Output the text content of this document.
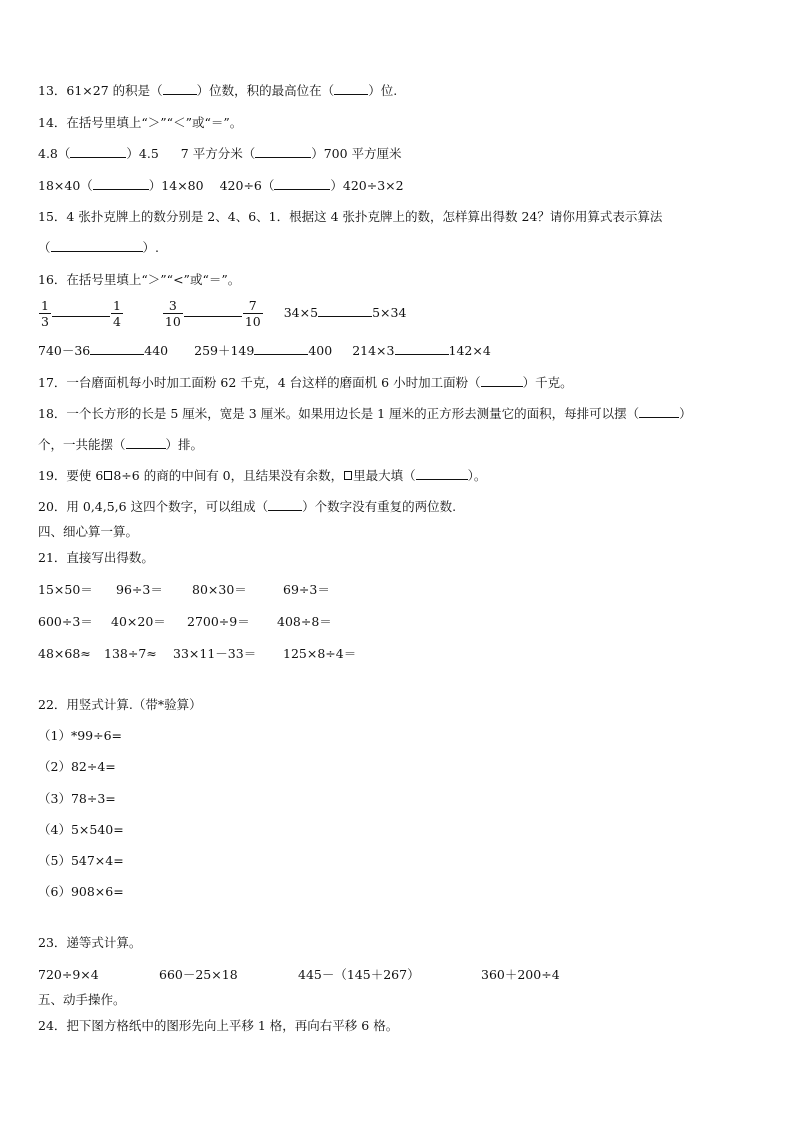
13．61×27 的积是（	）位数，积的最高位在（	）位.
14．在括号里填上“＞”“＜”或“＝”。
4.8（	）4.5 7 平方分米（	）700 平方厘米
18×40（	）14×80 420÷6（	）420÷3×2
15．4 张扑克牌上的数分别是 2、4、6、1．根据这 4 张扑克牌上的数，怎样算出得数 24？请你用算式表示算法
（	）.
16．在括号里填上“＞”“<”或“＝”。
$\frac{1}{3}$	$\frac{1}{4}$	$\frac{3}{10}$	$\frac{7}{10} 34\times 5$	5×34
740－36	440 259＋149	400 214×3	142×4
17．一台磨面机每小时加工面粉 62 千克，4 台这样的磨面机 6 小时加工面粉（	）千克。
18．一个长方形的长是 5 厘米，宽是 3 厘米。如果用边长是 1 厘米的正方形去测量它的面积，每排可以摆（	）
个，一共能摆（	）排。
19．要使 6 8÷6 的商的中间有 0，且结果没有余数， 里最大填（	）。
20．用 0,4,5,6 这四个数字，可以组成（	）个数字没有重复的两位数.
四、细心算一算。
21．直接写出得数。
15×50＝ 96÷3＝ 80×30＝	69÷3＝
600÷3＝ 40×20＝ 2700÷9＝ 408÷8＝
48×68≈ 138÷7≈ 33×11－33＝ 125×8÷4＝
22．用竖式计算.（带*验算）
（1）*99÷6=
（2）82÷4=
（3）78÷3=
（4）5×540=
（5）547×4=
（6）908×6=
23．递等式计算。
720÷9×4	660－25×18	445－（145＋267）	360＋200÷4
五、动手操作。
24．把下图方格纸中的图形先向上平移 1 格，再向右平移 6 格。
